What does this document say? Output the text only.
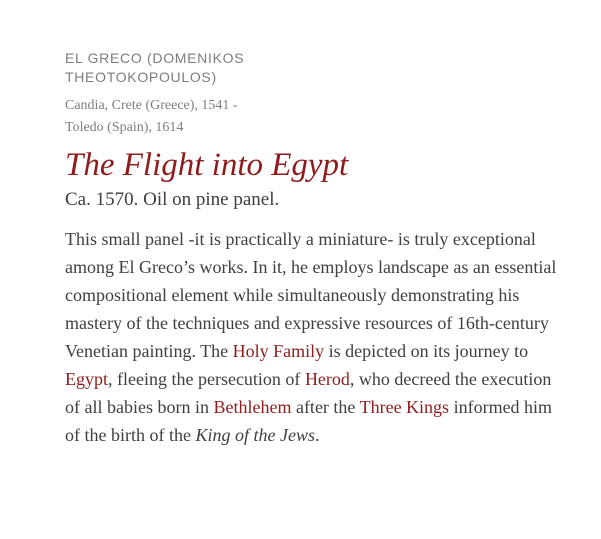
EL GRECO (DOMENIKOS THEOTOKOPOULOS)

Candia, Crete (Greece), 1541 - Toledo (Spain), 1614

The Flight into Egypt

Ca. 1570. Oil on pine panel.

This small panel -it is practically a miniature- is truly exceptional among El Greco’s works. In it, he employs landscape as an essential compositional element while simultaneously demonstrating his mastery of the techniques and expressive resources of 16th-century Venetian painting. The Holy Family is depicted on its journey to Egypt, fleeing the persecution of Herod, who decreed the execution of all babies born in Bethlehem after the Three Kings informed him of the birth of the King of the Jews.
